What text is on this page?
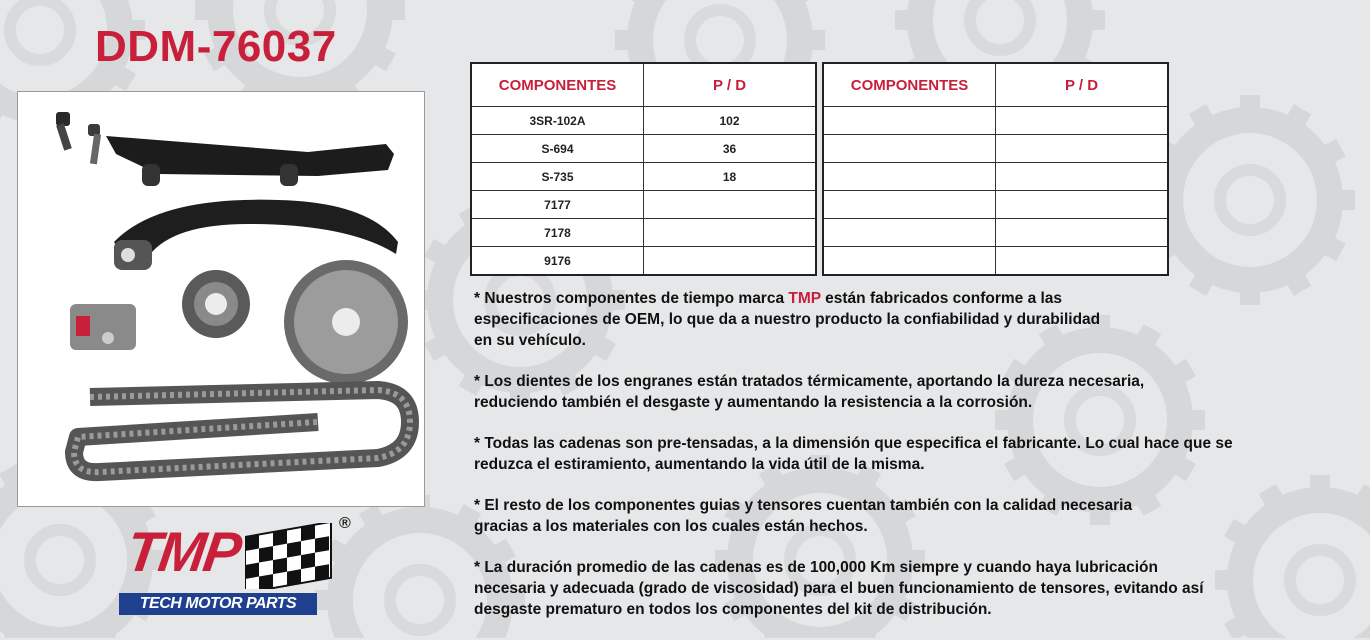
DDM-76037
COMPONENTES	P / D
3SR-102A	102
S-694	36
S-735	18
7177	
7178	
9176	
COMPONENTES	P / D

* Nuestros componentes de tiempo marca TMP están fabricados conforme a las
especificaciones de OEM, lo que da a nuestro producto la confiabilidad y durabilidad
en su vehículo.

* Los dientes de los engranes están tratados térmicamente, aportando la dureza necesaria,
reduciendo también el desgaste y aumentando la resistencia a la corrosión.

* Todas las cadenas son pre-tensadas, a la dimensión que especifica el fabricante. Lo cual hace que se
reduzca el estiramiento, aumentando la vida útil de la misma.

* El resto de los componentes guias y tensores cuentan también con la calidad necesaria
gracias a los materiales con los cuales están hechos.

* La duración promedio de las cadenas es de 100,000 Km siempre y cuando haya lubricación
necesaria y adecuada (grado de viscosidad) para el buen funcionamiento de tensores, evitando así
desgaste prematuro en todos los componentes del kit de distribución.

TMP	®
TECH MOTOR PARTS
